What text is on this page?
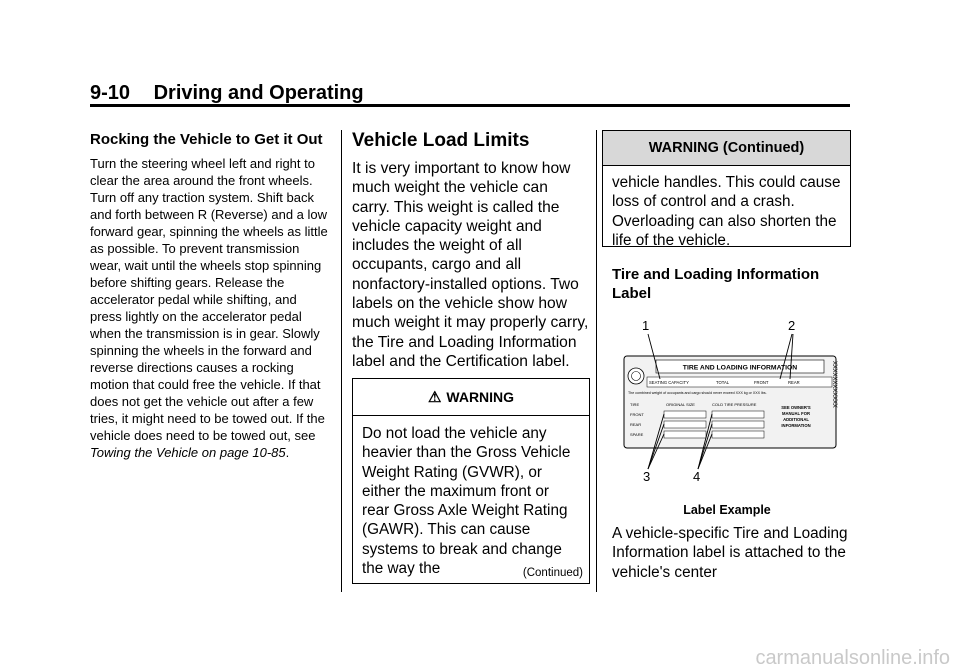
9-10 Driving and Operating
Rocking the Vehicle to Get it Out

Turn the steering wheel left and right to clear the area around the front wheels. Turn off any traction system. Shift back and forth between R (Reverse) and a low forward gear, spinning the wheels as little as possible. To prevent transmission wear, wait until the wheels stop spinning before shifting gears. Release the accelerator pedal while shifting, and press lightly on the accelerator pedal when the transmission is in gear. Slowly spinning the wheels in the forward and reverse directions causes a rocking motion that could free the vehicle. If that does not get the vehicle out after a few tries, it might need to be towed out. If the vehicle does need to be towed out, see Towing the Vehicle on page 10-85.

Vehicle Load Limits

It is very important to know how much weight the vehicle can carry. This weight is called the vehicle capacity weight and includes the weight of all occupants, cargo and all nonfactory-installed options. Two labels on the vehicle show how much weight it may properly carry, the Tire and Loading Information label and the Certification label.

⚠ WARNING
Do not load the vehicle any heavier than the Gross Vehicle Weight Rating (GVWR), or either the maximum front or rear Gross Axle Weight Rating (GAWR). This can cause systems to break and change the way the	(Continued)
WARNING (Continued)
vehicle handles. This could cause loss of control and a crash. Overloading can also shorten the life of the vehicle.
Tire and Loading Information Label
TIRE AND LOADING INFORMATION
SEATING CAPACITY	TOTAL	FRONT	REAR
The combined weight of occupants and cargo should never exceed XXX kg or XXX lbs.
TIRE	ORIGINAL SIZE	COLD TIRE PRESSURE
FRONT
REAR
SPARE
SEE OWNER'S
MANUAL FOR
ADDITIONAL
INFORMATION
XXXXXXXXXXXX
1	2
3	4
Label Example
A vehicle-specific Tire and Loading Information label is attached to the vehicle's center
carmanualsonline.info
